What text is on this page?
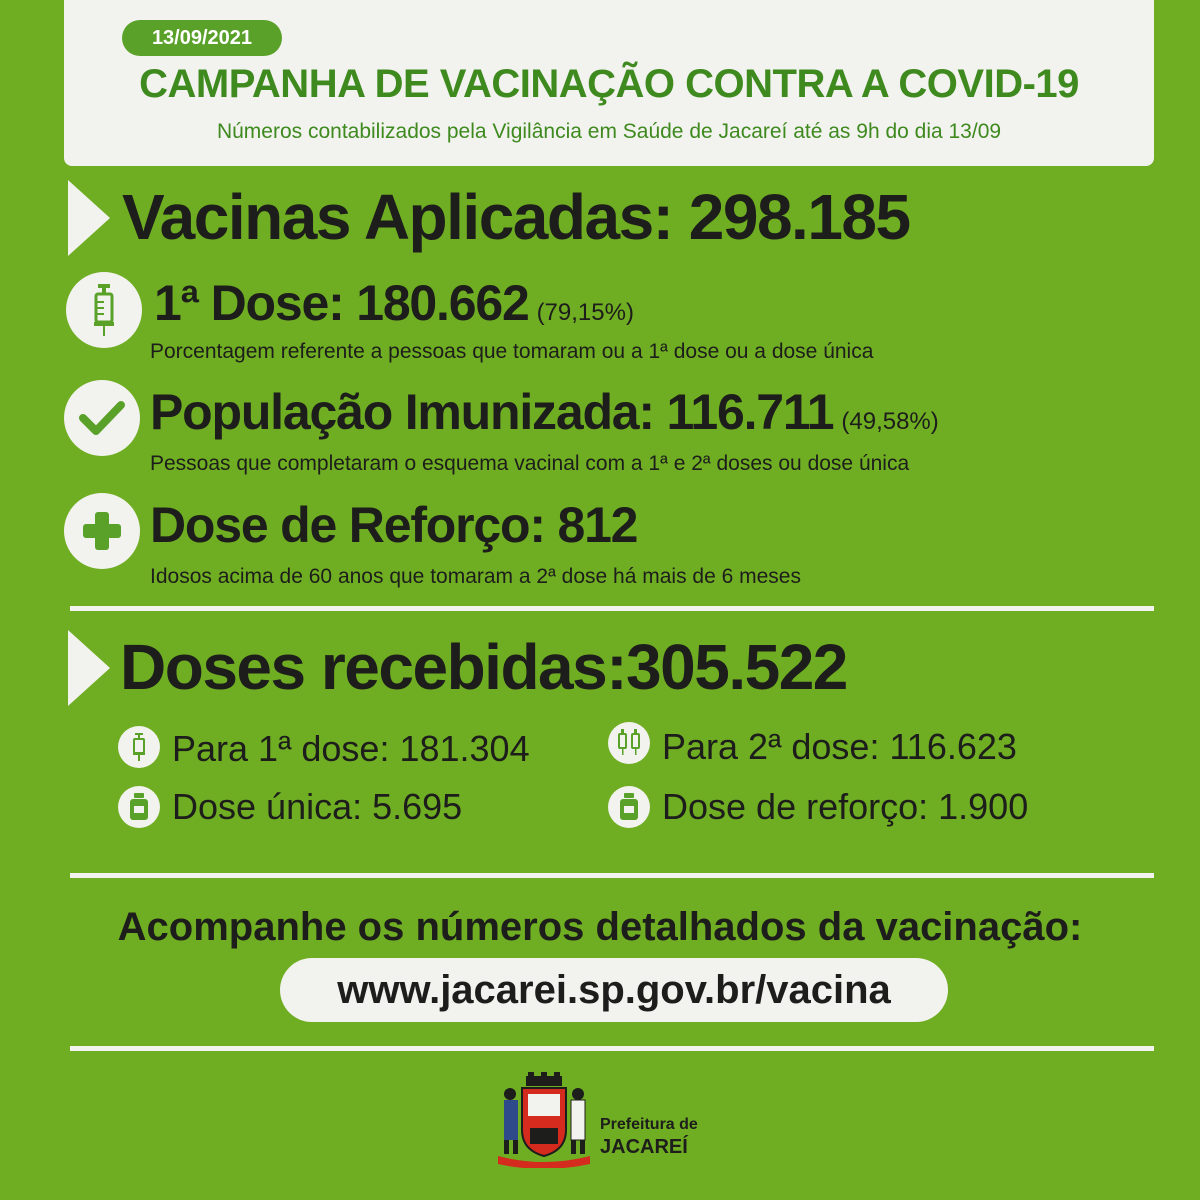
13/09/2021
CAMPANHA DE VACINAÇÃO CONTRA A COVID-19
Números contabilizados pela Vigilância em Saúde de Jacareí até as 9h do dia 13/09
Vacinas Aplicadas: 298.185
1ª Dose: 180.662 (79,15%)
Porcentagem referente a pessoas que tomaram ou a 1ª dose ou a dose única
População Imunizada: 116.711 (49,58%)
Pessoas que completaram o esquema vacinal com a 1ª e 2ª doses ou dose única
Dose de Reforço: 812
Idosos acima de 60 anos que tomaram a 2ª dose há mais de 6 meses
Doses recebidas:305.522
Para 1ª dose: 181.304	Para 2ª dose: 116.623
Dose única: 5.695	Dose de reforço: 1.900
Acompanhe os números detalhados da vacinação:
www.jacarei.sp.gov.br/vacina
Prefeitura de
JACAREÍ
